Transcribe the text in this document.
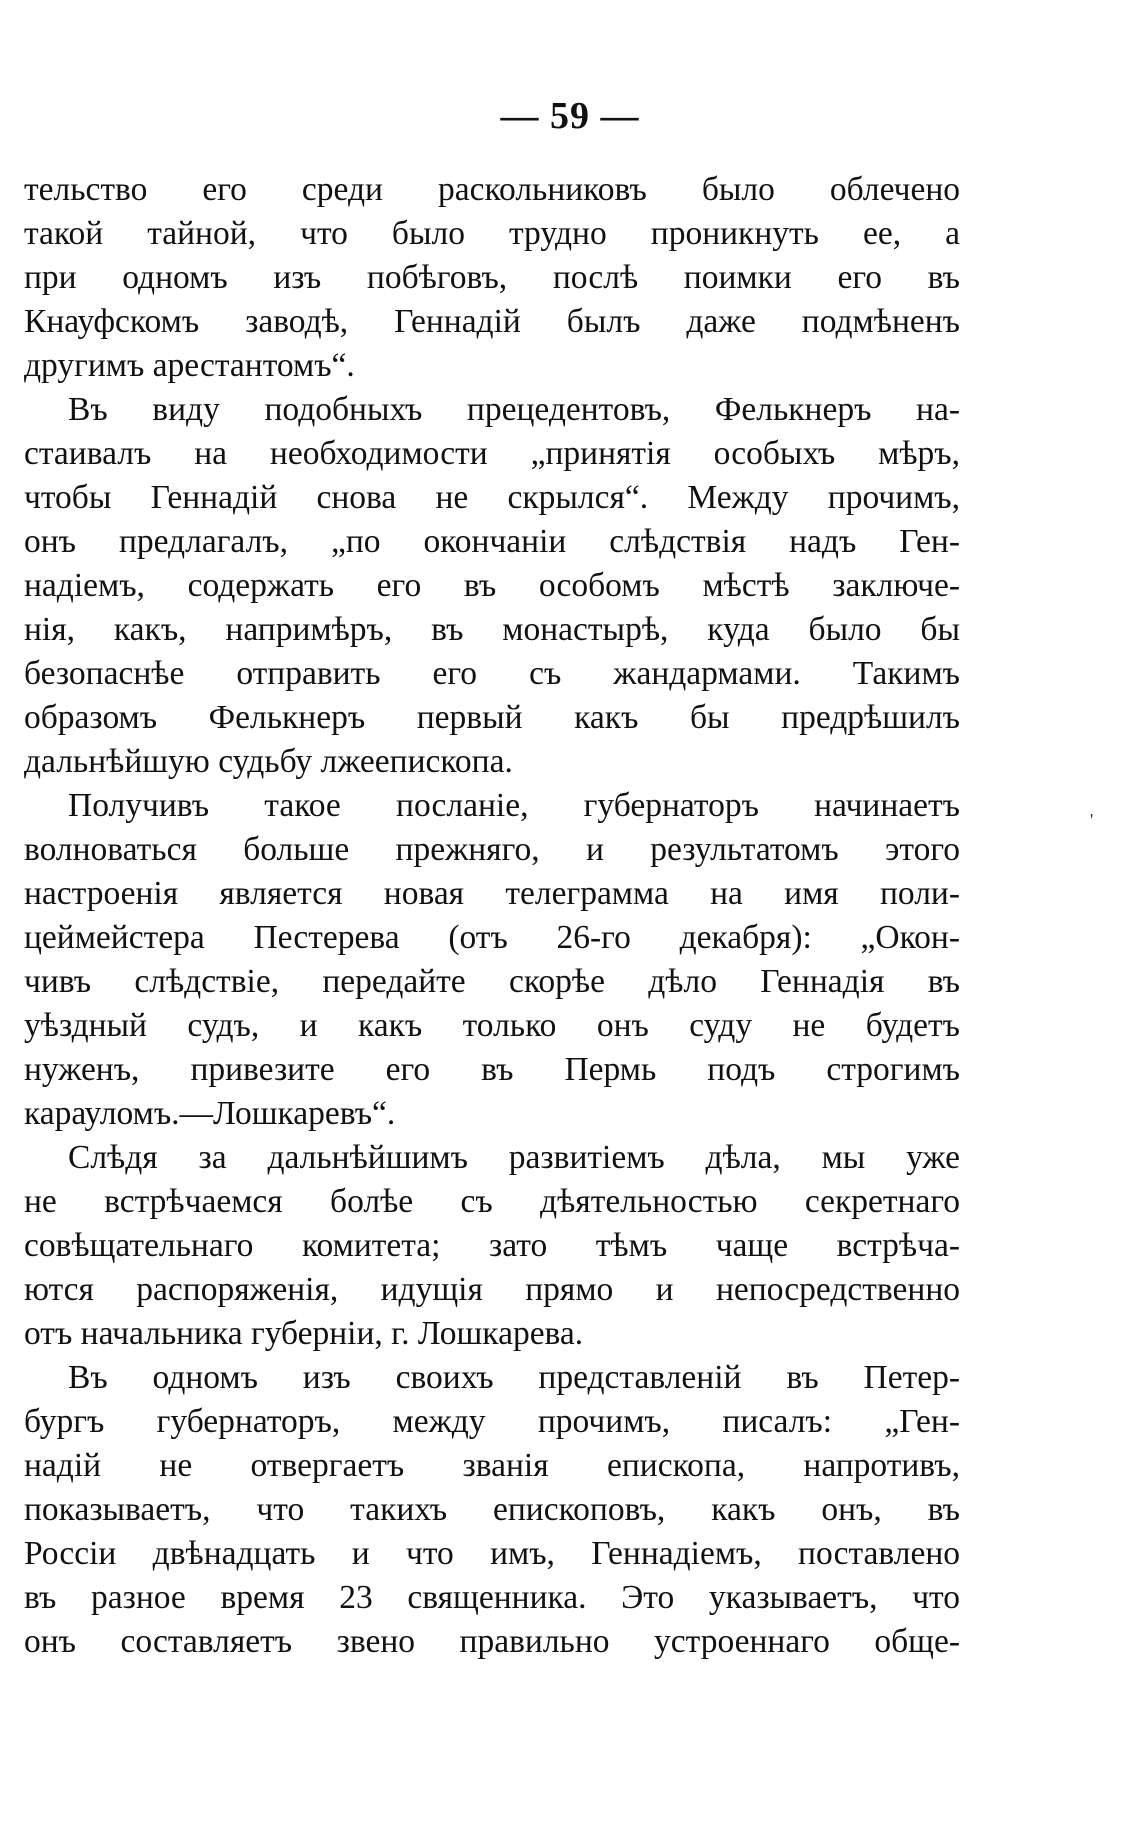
— 59 —
тельство его среди раскольниковъ было облечено
такой тайной, что было трудно проникнуть ее, а
при одномъ изъ побѣговъ, послѣ поимки его въ
Кнауфскомъ заводѣ, Геннадій былъ даже подмѣненъ
другимъ арестантомъ“.
Въ виду подобныхъ прецедентовъ, Фелькнеръ на-
стаивалъ на необходимости „принятія особыхъ мѣръ,
чтобы Геннадій снова не скрылся“. Между прочимъ,
онъ предлагалъ, „по окончаніи слѣдствія надъ Ген-
надіемъ, содержать его въ особомъ мѣстѣ заключе-
нія, какъ, напримѣръ, въ монастырѣ, куда было бы
безопаснѣе отправить его съ жандармами. Такимъ
образомъ Фелькнеръ первый какъ бы предрѣшилъ
дальнѣйшую судьбу лжеепископа.
Получивъ такое посланіе, губернаторъ начинаетъ
волноваться больше прежняго, и результатомъ этого
настроенія является новая телеграмма на имя поли-
цеймейстера Пестерева (отъ 26-го декабря): „Окон-
чивъ слѣдствіе, передайте скорѣе дѣло Геннадія въ
уѣздный судъ, и какъ только онъ суду не будетъ
нуженъ, привезите его въ Пермь подъ строгимъ
карауломъ.—Лошкаревъ“.
Слѣдя за дальнѣйшимъ развитіемъ дѣла, мы уже
не встрѣчаемся болѣе съ дѣятельностью секретнаго
совѣщательнаго комитета; зато тѣмъ чаще встрѣча-
ются распоряженія, идущія прямо и непосредственно
отъ начальника губерніи, г. Лошкарева.
Въ одномъ изъ своихъ представленій въ Петер-
бургъ губернаторъ, между прочимъ, писалъ: „Ген-
надій не отвергаетъ званія епископа, напротивъ,
показываетъ, что такихъ епископовъ, какъ онъ, въ
Россіи двѣнадцать и что имъ, Геннадіемъ, поставлено
въ разное время 23 священника. Это указываетъ, что
онъ составляетъ звено правильно устроеннаго обще-
'
